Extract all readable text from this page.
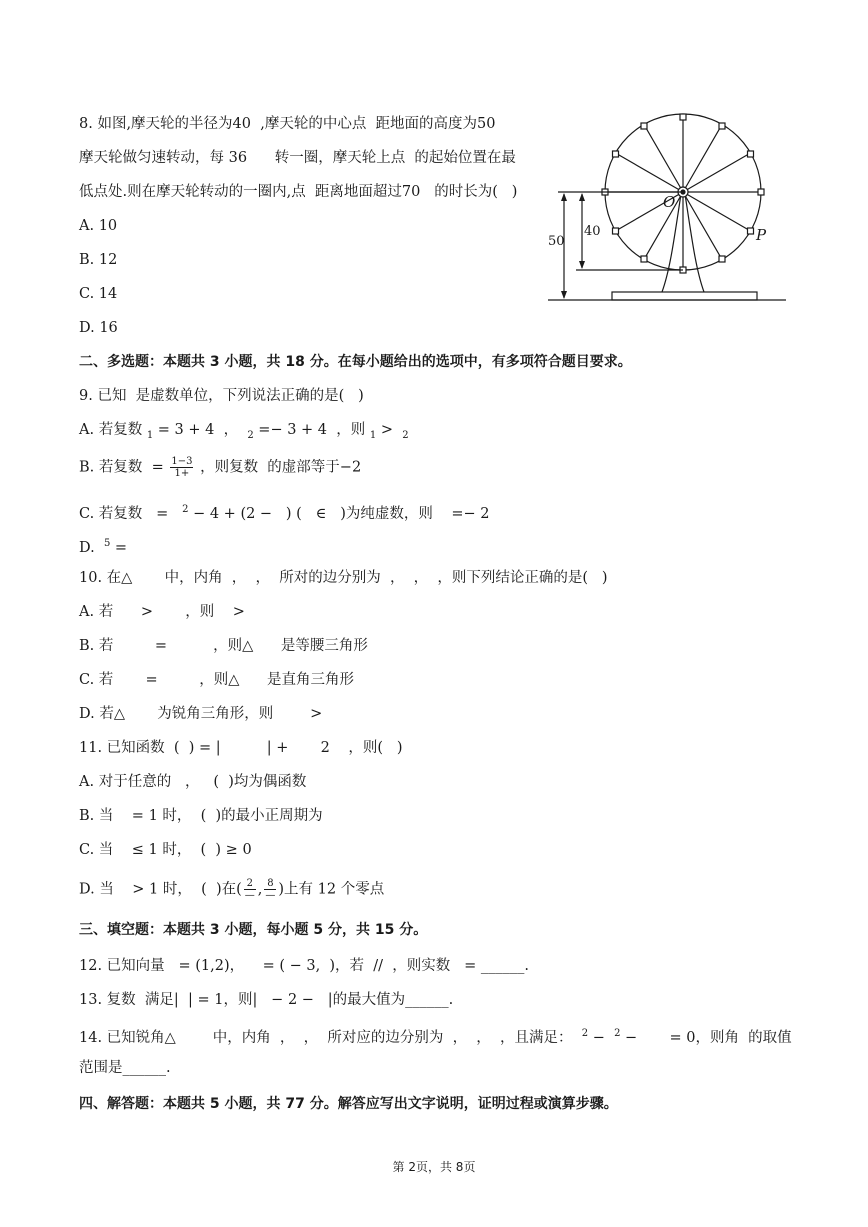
8. 如图,摩天轮的半径为40  ,摩天轮的中心点  距地面的高度为50
摩天轮做匀速转动，每 36      转一圈，摩天轮上点  的起始位置在最
低点处.则在摩天轮转动的一圈内,点  距离地面超过70   的时长为(   )
A. 10
B. 12
C. 14
D. 16
O
P
40
50
二、多选题：本题共 3 小题，共 18 分。在每小题给出的选项中，有多项符合题目要求。
9. 已知  是虚数单位，下列说法正确的是(   )
A. 若复数 $_1$ = 3 + 4  ，  $_2$ =− 3 + 4  ，则 $_1$ >  $_2$
B. 若复数  = $\frac{1-3}{1+}$ ，则复数  的虚部等于−2
C. 若复数   =   $^2$ − 4 + (2 −   ) (   ∈   )为纯虚数，则    =− 2
D.  $^5$ =
10. 在△       中，内角  ，  ，  所对的边分别为  ，  ，  ，则下列结论正确的是(   )
A. 若      >       ，则    >
B. 若         =          ，则△      是等腰三角形
C. 若       =         ，则△      是直角三角形
D. 若△       为锐角三角形，则        >
11. 已知函数  (  ) = |          | +       2    ，则(   )
A. 对于任意的   ，   (  )均为偶函数
B. 当    = 1 时，  (  )的最小正周期为
C. 当    ≤ 1 时，  (  ) ≥ 0
D. 当    > 1 时，  (  )在( $\frac{2}{—}$ , $\frac{8}{—}$ )上有 12 个零点
三、填空题：本题共 3 小题，每小题 5 分，共 15 分。
12. 已知向量   = (1,2)，    = ( − 3,  )，若  //  ，则实数   = ______.
13. 复数  满足|  | = 1，则|   − 2 −   |的最大值为______.
14. 已知锐角△        中，内角  ，  ，  所对应的边分别为  ，  ，  ，且满足：  $^2$ −  $^2$ −       = 0，则角  的取值
范围是______.
四、解答题：本题共 5 小题，共 77 分。解答应写出文字说明，证明过程或演算步骤。
第 2页，共 8页
